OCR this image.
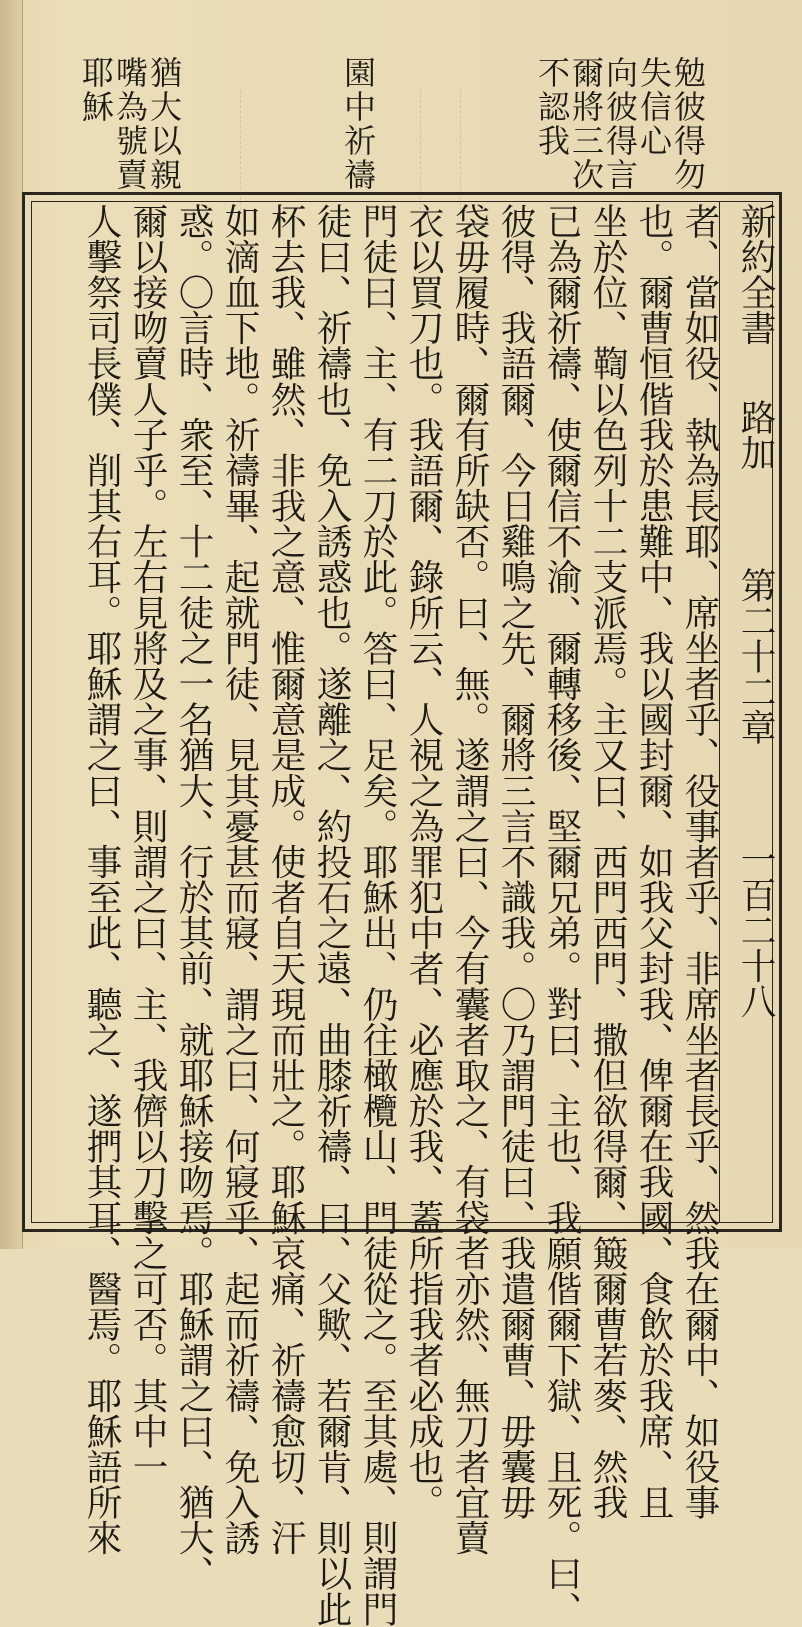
勉彼得勿
失信心
向彼得言
爾將三次
不認我
園中祈禱
猶大以親
嘴為號賣
耶穌
新約全書路加第二十二章一百二十八
者、當如役、執為長耶、席坐者乎、役事者乎、非席坐者長乎、然我在爾中、如役事
也。爾曹恒偕我於患難中、我以國封爾、如我父封我、俾爾在我國、食飲於我席、且
坐於位、鞫以色列十二支派焉。主又曰、西門西門、撒但欲得爾、簸爾曹若麥、然我
已為爾祈禱、使爾信不渝、爾轉移後、堅爾兄弟。對曰、主也、我願偕爾下獄、且死。曰、
彼得、我語爾、今日雞鳴之先、爾將三言不識我。〇乃謂門徒曰、我遣爾曹、毋囊毋
袋毋履時、爾有所缺否。曰、無。遂謂之曰、今有囊者取之、有袋者亦然、無刀者宜賣
衣以買刀也。我語爾、錄所云、人視之為罪犯中者、必應於我、蓋所指我者必成也。
門徒曰、主、有二刀於此。答曰、足矣。耶穌出、仍往橄欖山、門徒從之。至其處、則謂門
徒曰、祈禱也、免入誘惑也。遂離之、約投石之遠、曲膝祈禱、曰、父歟、若爾肯、則以此
杯去我、雖然、非我之意、惟爾意是成。使者自天現而壯之。耶穌哀痛、祈禱愈切、汗
如滴血下地。祈禱畢、起就門徒、見其憂甚而寢、謂之曰、何寢乎、起而祈禱、免入誘
惑。〇言時、衆至、十二徒之一名猶大、行於其前、就耶穌接吻焉。耶穌謂之曰、猶大、
爾以接吻賣人子乎。左右見將及之事、則謂之曰、主、我儕以刀擊之可否。其中一
人擊祭司長僕、削其右耳。耶穌謂之曰、事至此、聽之、遂捫其耳、醫焉。耶穌語所來
